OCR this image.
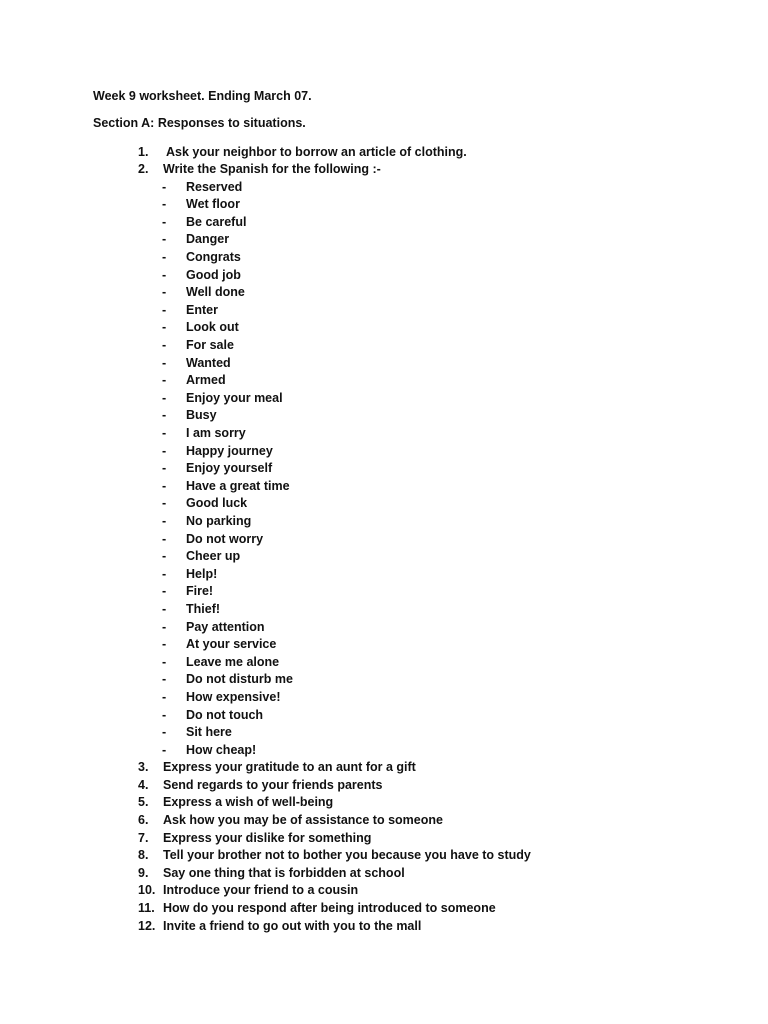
Week 9 worksheet. Ending March 07.
Section A: Responses to situations.
1.	Ask your neighbor to borrow an article of clothing.
2.	Write the Spanish for the following :-
- Reserved
- Wet floor
- Be careful
- Danger
- Congrats
- Good job
- Well done
- Enter
- Look out
- For sale
- Wanted
- Armed
- Enjoy your meal
- Busy
- I am sorry
- Happy journey
- Enjoy yourself
- Have a great time
- Good luck
- No parking
- Do not worry
- Cheer up
- Help!
- Fire!
- Thief!
- Pay attention
- At your service
- Leave me alone
- Do not disturb me
- How expensive!
- Do not touch
- Sit here
- How cheap!
3.	Express your gratitude to an aunt for a gift
4.	Send regards to your friends parents
5.	Express a wish of well-being
6.	Ask how you may be of assistance to someone
7.	Express your dislike for something
8.	Tell your brother not to bother you because you have to study
9.	Say one thing that is forbidden at school
10. Introduce your friend to a cousin
11. How do you respond after being introduced to someone
12. Invite a friend to go out with you to the mall
